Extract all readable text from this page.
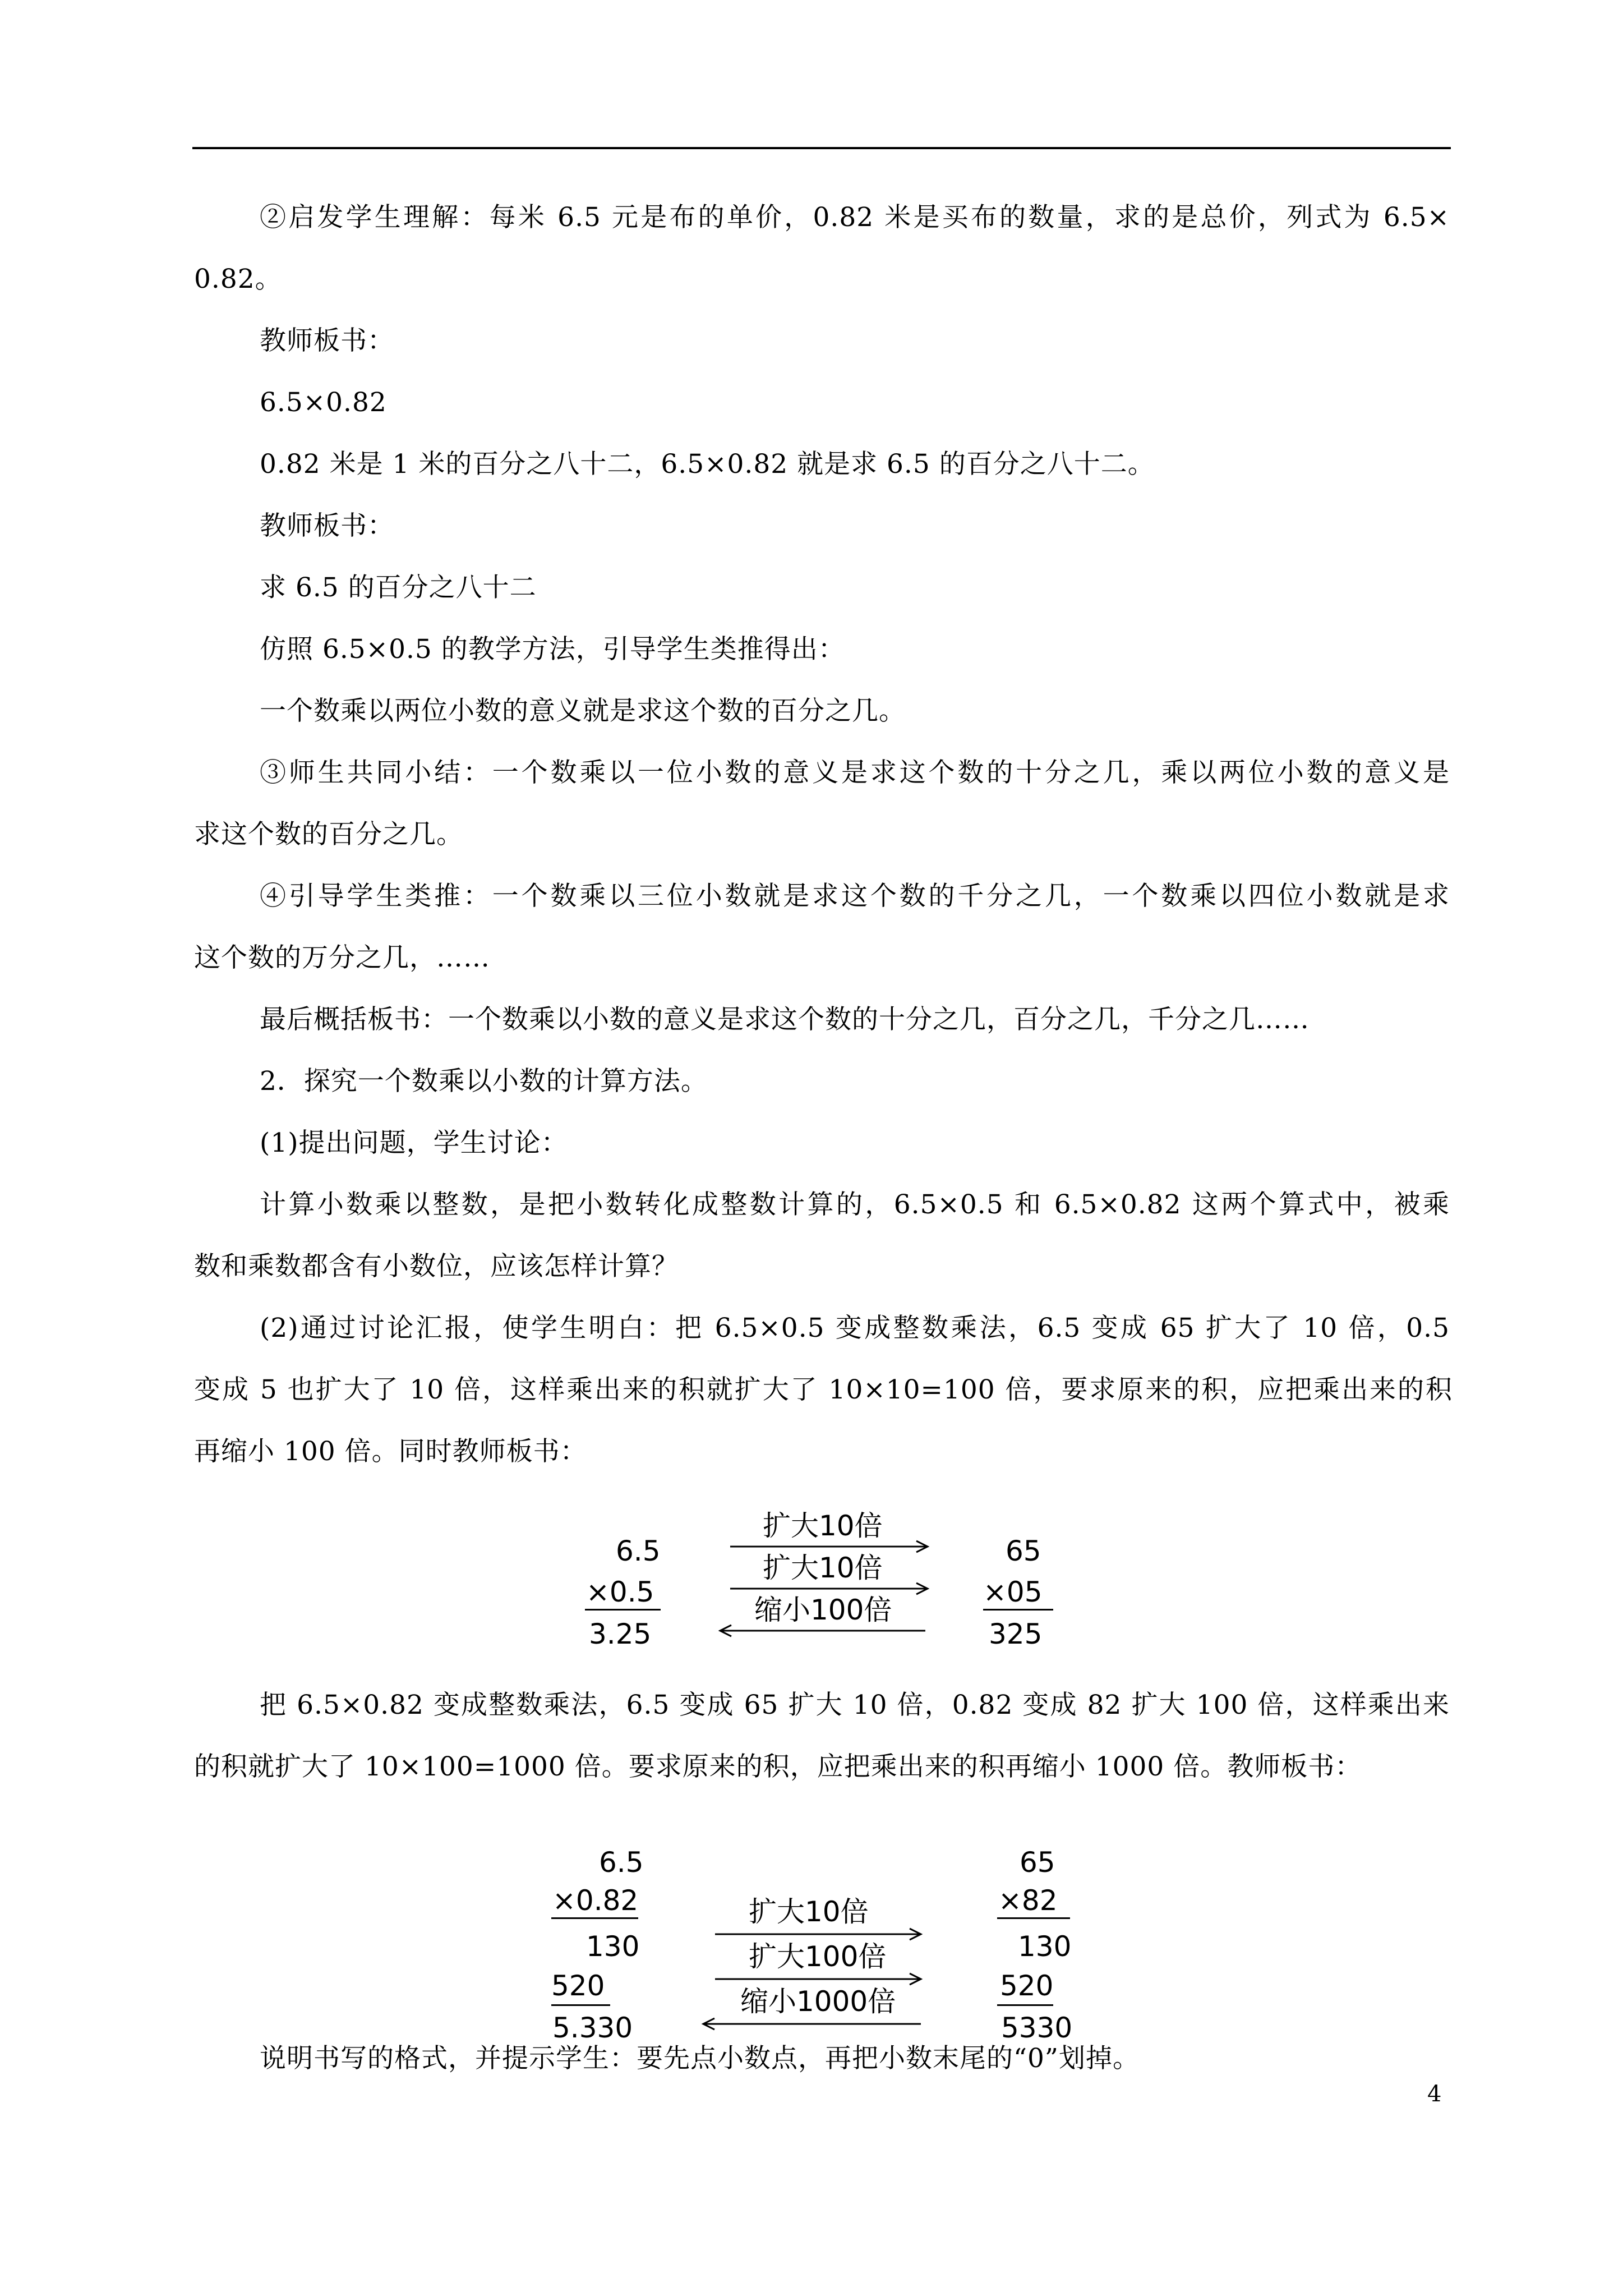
②启发学生理解：每米 6.5 元是布的单价，0.82 米是买布的数量，求的是总价，列式为 6.5×
0.82。
教师板书：
6.5×0.82
0.82 米是 1 米的百分之八十二，6.5×0.82 就是求 6.5 的百分之八十二。
教师板书：
求 6.5 的百分之八十二
仿照 6.5×0.5 的教学方法，引导学生类推得出：
一个数乘以两位小数的意义就是求这个数的百分之几。
③师生共同小结：一个数乘以一位小数的意义是求这个数的十分之几，乘以两位小数的意义是
求这个数的百分之几。
④引导学生类推：一个数乘以三位小数就是求这个数的千分之几，一个数乘以四位小数就是求
这个数的万分之几，……
最后概括板书：一个数乘以小数的意义是求这个数的十分之几，百分之几，千分之几……
2．探究一个数乘以小数的计算方法。
(1)提出问题，学生讨论：
计算小数乘以整数，是把小数转化成整数计算的，6.5×0.5 和 6.5×0.82 这两个算式中，被乘
数和乘数都含有小数位，应该怎样计算？
(2)通过讨论汇报，使学生明白：把 6.5×0.5 变成整数乘法，6.5 变成 65 扩大了 10 倍，0.5
变成 5 也扩大了 10 倍，这样乘出来的积就扩大了 10×10=100 倍，要求原来的积，应把乘出来的积
再缩小 100 倍。同时教师板书：
6.5
×0.5
3.25
扩大10倍
扩大10倍
缩小100倍
65
×05
325
把 6.5×0.82 变成整数乘法，6.5 变成 65 扩大 10 倍，0.82 变成 82 扩大 100 倍，这样乘出来
的积就扩大了 10×100=1000 倍。要求原来的积，应把乘出来的积再缩小 1000 倍。教师板书：
6.5
×0.82
130
520
5.330
扩大10倍
扩大100倍
缩小1000倍
65
×82
130
520
5330
说明书写的格式，并提示学生：要先点小数点，再把小数末尾的“0”划掉。
4
